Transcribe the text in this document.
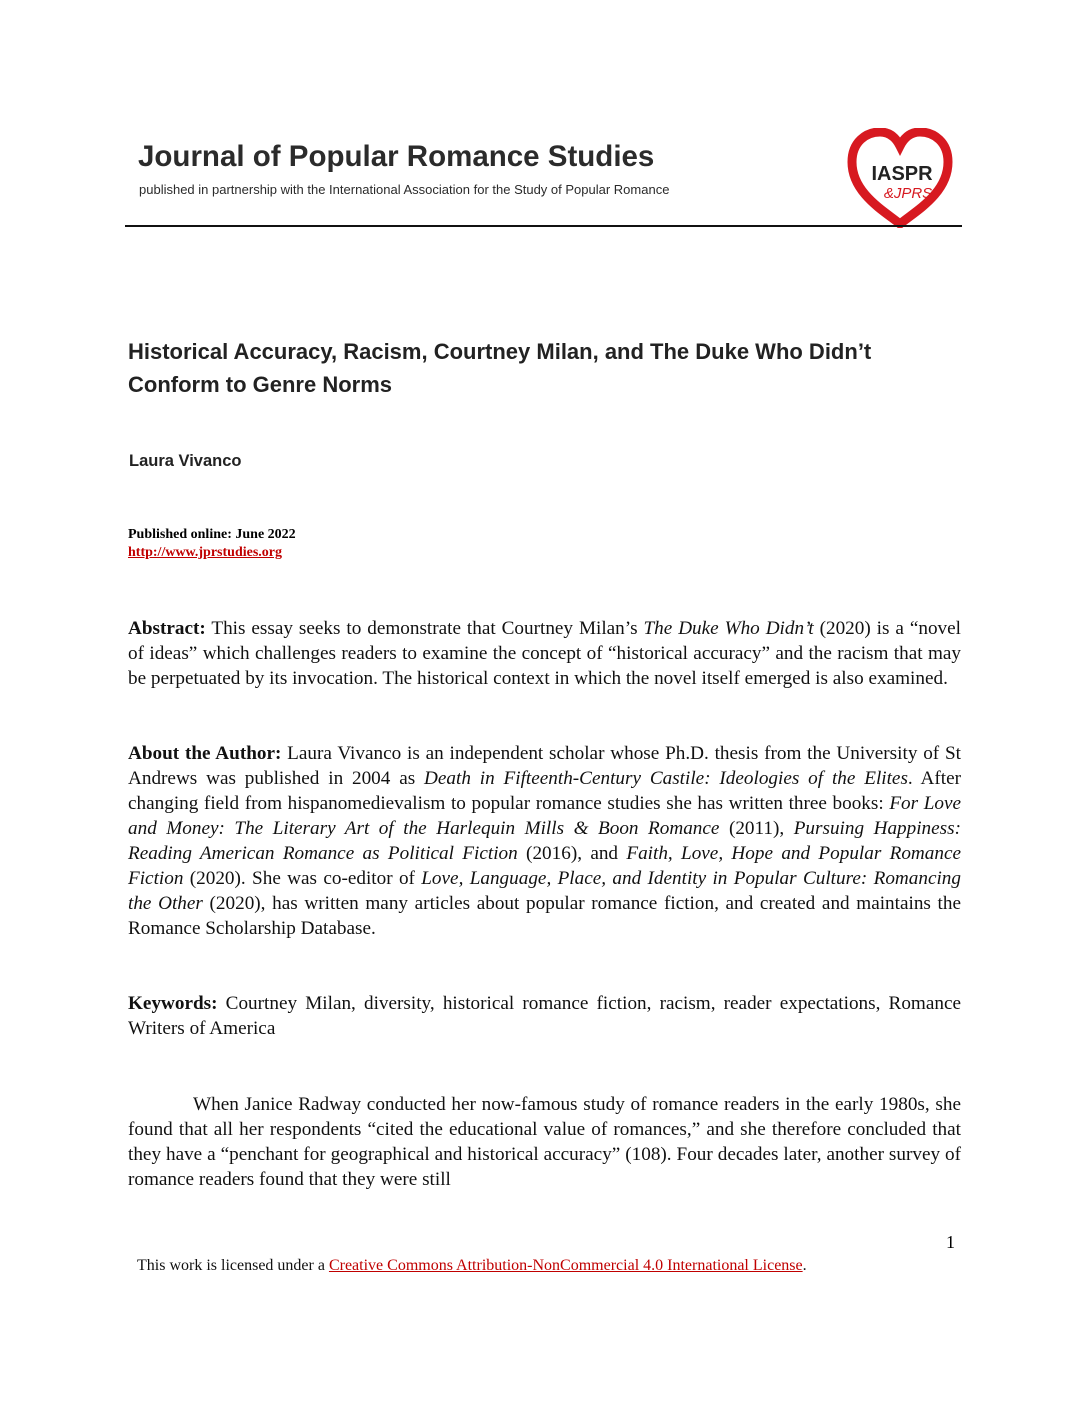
Journal of Popular Romance Studies
published in partnership with the International Association for the Study of Popular Romance
IASPR
&JPRS
Historical Accuracy, Racism, Courtney Milan, and The Duke Who Didn’t Conform to Genre Norms
Laura Vivanco
Published online: June 2022
http://www.jprstudies.org
Abstract: This essay seeks to demonstrate that Courtney Milan’s The Duke Who Didn’t (2020) is a “novel of ideas” which challenges readers to examine the concept of “historical accuracy” and the racism that may be perpetuated by its invocation. The historical context in which the novel itself emerged is also examined.
About the Author: Laura Vivanco is an independent scholar whose Ph.D. thesis from the University of St Andrews was published in 2004 as Death in Fifteenth-Century Castile: Ideologies of the Elites. After changing field from hispanomedievalism to popular romance studies she has written three books: For Love and Money: The Literary Art of the Harlequin Mills & Boon Romance (2011), Pursuing Happiness: Reading American Romance as Political Fiction (2016), and Faith, Love, Hope and Popular Romance Fiction (2020). She was co-editor of Love, Language, Place, and Identity in Popular Culture: Romancing the Other (2020), has written many articles about popular romance fiction, and created and maintains the Romance Scholarship Database.
Keywords: Courtney Milan, diversity, historical romance fiction, racism, reader expectations, Romance Writers of America
When Janice Radway conducted her now-famous study of romance readers in the early 1980s, she found that all her respondents “cited the educational value of romances,” and she therefore concluded that they have a “penchant for geographical and historical accuracy” (108). Four decades later, another survey of romance readers found that they were still
1
This work is licensed under a Creative Commons Attribution-NonCommercial 4.0 International License.
